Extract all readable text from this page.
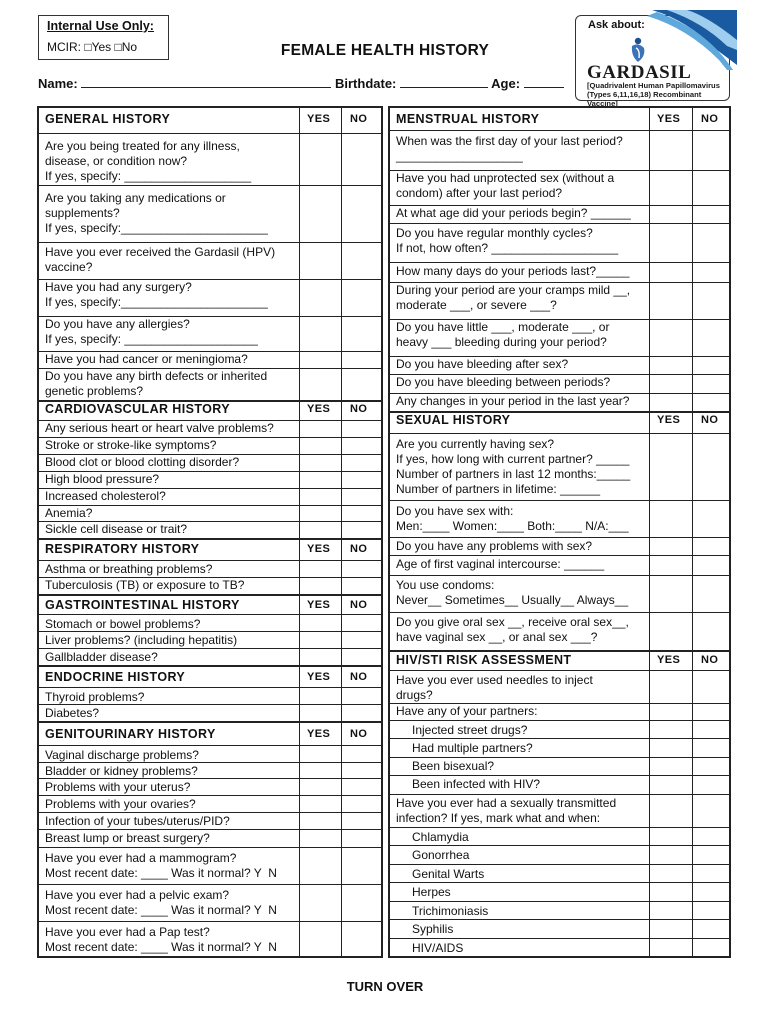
Internal Use Only:
MCIR: □Yes □No	FEMALE HEALTH HISTORY
Ask about:
GARDASIL
[Quadrivalent Human Papillomavirus
(Types 6,11,16,18) Recombinant Vaccine]
Name:	Birthdate:	Age:
GENERAL HISTORY	YES NO
Are you being treated for any illness,
disease, or condition now?
If yes, specify: ___________________
Are you taking any medications or
supplements?
If yes, specify:______________________
Have you ever received the Gardasil (HPV)
vaccine?
Have you had any surgery?
If yes, specify:______________________
Do you have any allergies?
If yes, specify: ____________________
Have you had cancer or meningioma?
Do you have any birth defects or inherited
genetic problems?
CARDIOVASCULAR HISTORY	YES NO
Any serious heart or heart valve problems?
Stroke or stroke-like symptoms?
Blood clot or blood clotting disorder?
High blood pressure?
Increased cholesterol?
Anemia?
Sickle cell disease or trait?
RESPIRATORY HISTORY	YES NO
Asthma or breathing problems?
Tuberculosis (TB) or exposure to TB?
GASTROINTESTINAL HISTORY	YES NO
Stomach or bowel problems?
Liver problems? (including hepatitis)
Gallbladder disease?
ENDOCRINE HISTORY	YES NO
Thyroid problems?
Diabetes?
GENITOURINARY HISTORY	YES NO
Vaginal discharge problems?
Bladder or kidney problems?
Problems with your uterus?
Problems with your ovaries?
Infection of your tubes/uterus/PID?
Breast lump or breast surgery?
Have you ever had a mammogram?
Most recent date: ____ Was it normal? Y  N
Have you ever had a pelvic exam?
Most recent date: ____ Was it normal? Y  N
Have you ever had a Pap test?
Most recent date: ____ Was it normal? Y  N
MENSTRUAL HISTORY	YES NO
When was the first day of your last period?
___________________
Have you had unprotected sex (without a
condom) after your last period?
At what age did your periods begin? ______
Do you have regular monthly cycles?
If not, how often? ___________________
How many days do your periods last?_____
During your period are your cramps mild __,
moderate ___, or severe ___?
Do you have little ___, moderate ___, or
heavy ___ bleeding during your period?
Do you have bleeding after sex?
Do you have bleeding between periods?
Any changes in your period in the last year?
SEXUAL HISTORY	YES NO
Are you currently having sex?
If yes, how long with current partner? _____
Number of partners in last 12 months:_____
Number of partners in lifetime: ______
Do you have sex with:
Men:____ Women:____ Both:____ N/A:___
Do you have any problems with sex?
Age of first vaginal intercourse: ______
You use condoms:
Never__ Sometimes__ Usually__ Always__
Do you give oral sex __, receive oral sex__,
have vaginal sex __, or anal sex ___?
HIV/STI RISK ASSESSMENT	YES NO
Have you ever used needles to inject
drugs?
Have any of your partners:
Injected street drugs?
Had multiple partners?
Been bisexual?
Been infected with HIV?
Have you ever had a sexually transmitted
infection? If yes, mark what and when:
Chlamydia
Gonorrhea
Genital Warts
Herpes
Trichimoniasis
Syphilis
HIV/AIDS
TURN OVER
